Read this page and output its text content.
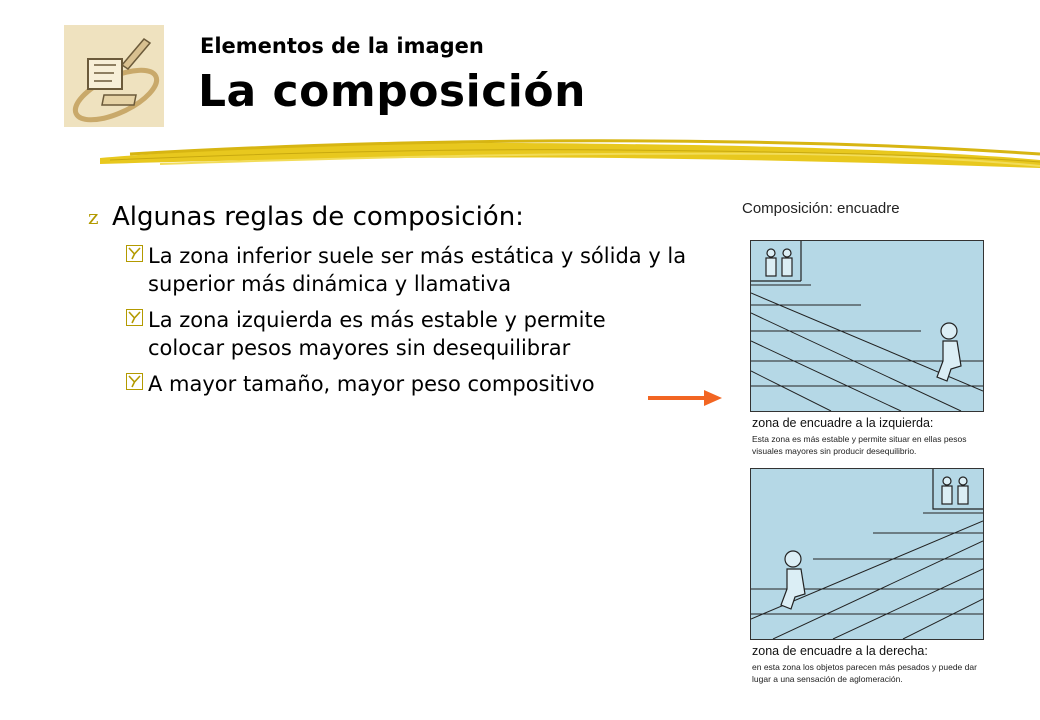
Elementos de la imagen
La composición
z Algunas reglas de composición:
La zona inferior suele ser más estática y sólida y la superior más dinámica y llamativa
La zona izquierda es más estable y permite colocar pesos mayores sin desequilibrar
A mayor tamaño, mayor peso compositivo
Composición: encuadre
zona de encuadre a la izquierda:
Esta zona es más estable y permite situar en ellas pesos visuales mayores sin producir desequilibrio.
zona de encuadre a la derecha:
en esta zona los objetos parecen más pesados y puede dar lugar a una sensación de aglomeración.
